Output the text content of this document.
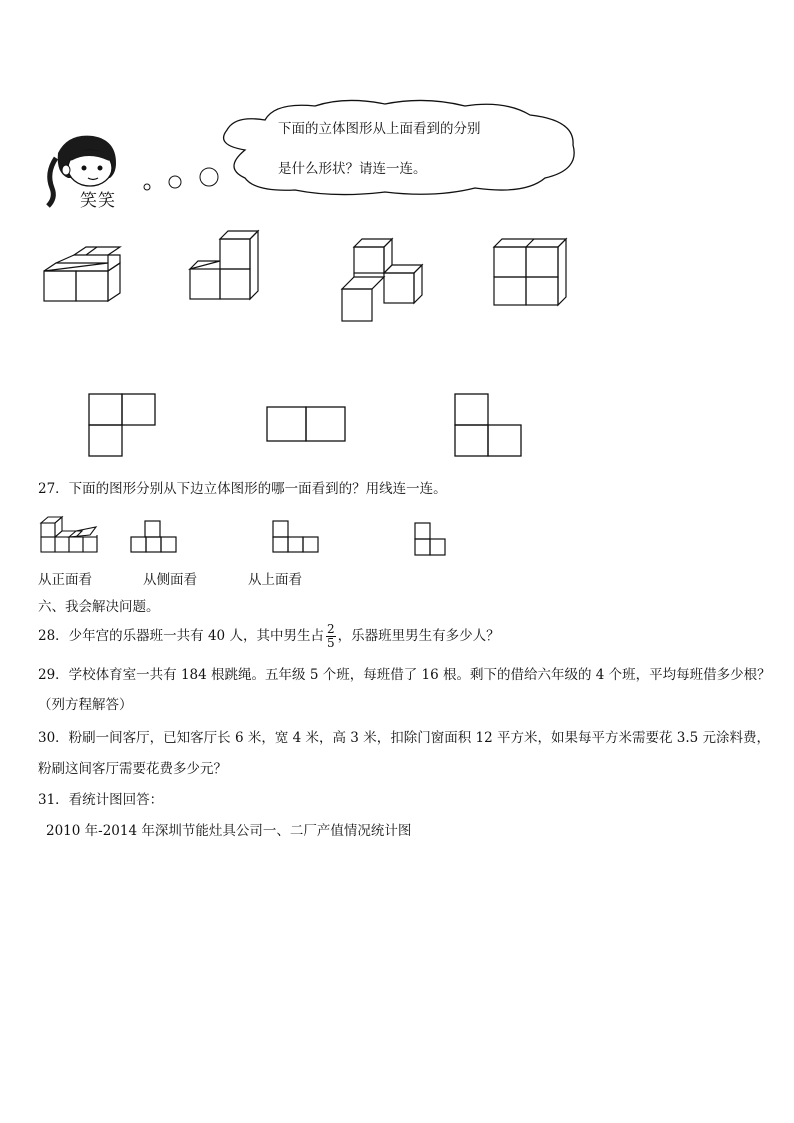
笑笑
下面的立体图形从上面看到的分别
是什么形状？请连一连。
27．下面的图形分别从下边立体图形的哪一面看到的？用线连一连。
从正面看	从侧面看	从上面看
六、我会解决问题。
28．少年宫的乐器班一共有 40 人，其中男生占 $\frac{2}{5}$ ，乐器班里男生有多少人？
29．学校体育室一共有 184 根跳绳。五年级 5 个班，每班借了 16 根。剩下的借给六年级的 4 个班，平均每班借多少根？
（列方程解答）
30．粉刷一间客厅，已知客厅长 6 米，宽 4 米，高 3 米，扣除门窗面积 12 平方米，如果每平方米需要花 3.5 元涂料费，
粉刷这间客厅需要花费多少元？
31．看统计图回答：
2010 年-2014 年深圳节能灶具公司一、二厂产值情况统计图
